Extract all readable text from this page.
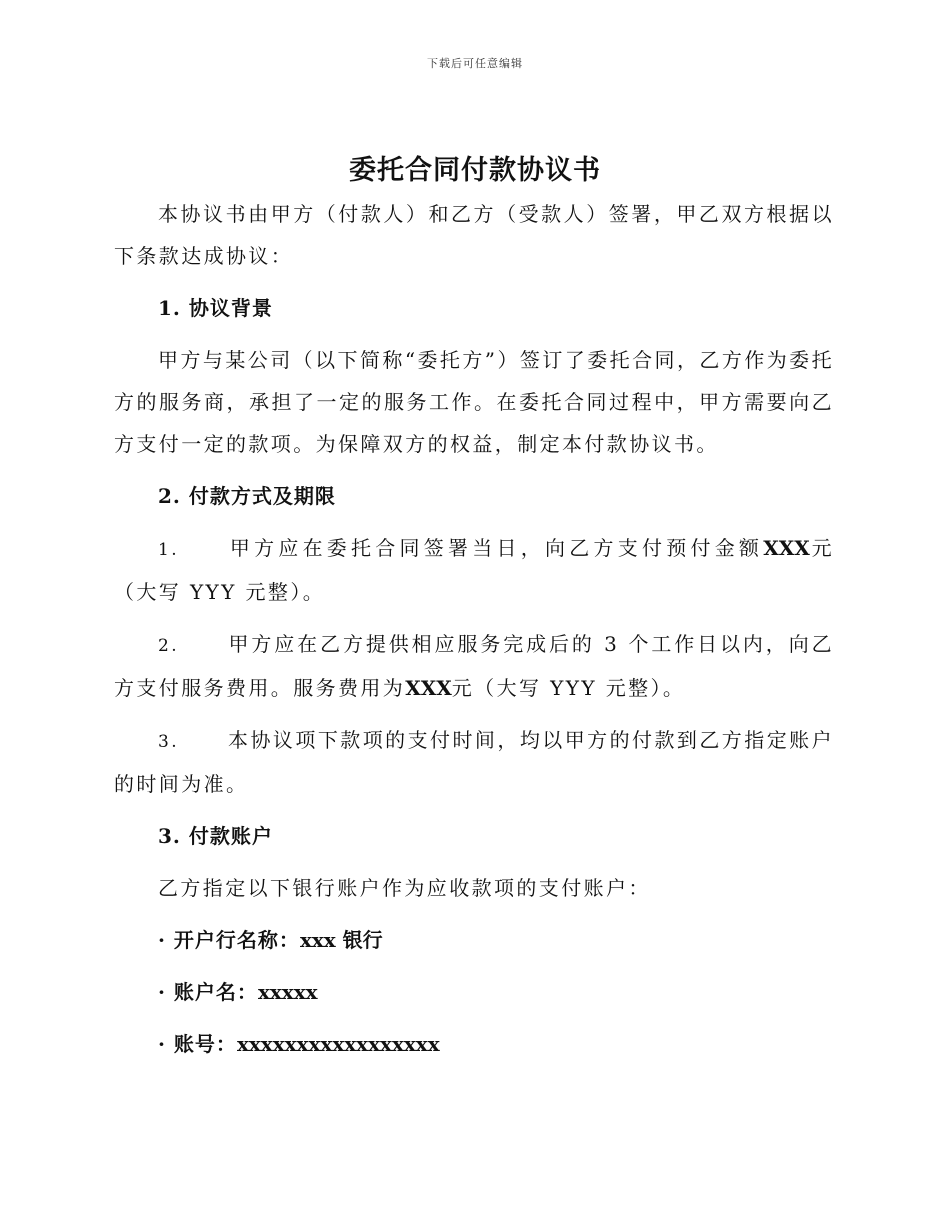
下载后可任意编辑
委托合同付款协议书

本协议书由甲方（付款人）和乙方（受款人）签署，甲乙双方根据以下条款达成协议：

1. 协议背景

甲方与某公司（以下简称“委托方”）签订了委托合同，乙方作为委托方的服务商，承担了一定的服务工作。在委托合同过程中，甲方需要向乙方支付一定的款项。为保障双方的权益，制定本付款协议书。

2. 付款方式及期限

1. 甲方应在委托合同签署当日，向乙方支付预付金额XXX元（大写 YYY 元整）。

2. 甲方应在乙方提供相应服务完成后的 3 个工作日以内，向乙方支付服务费用。服务费用为XXX元（大写 YYY 元整）。

3. 本协议项下款项的支付时间，均以甲方的付款到乙方指定账户的时间为准。

3. 付款账户

乙方指定以下银行账户作为应收款项的支付账户：

· 开户行名称：xxx 银行
· 账户名：xxxxx
· 账号：xxxxxxxxxxxxxxxxx
